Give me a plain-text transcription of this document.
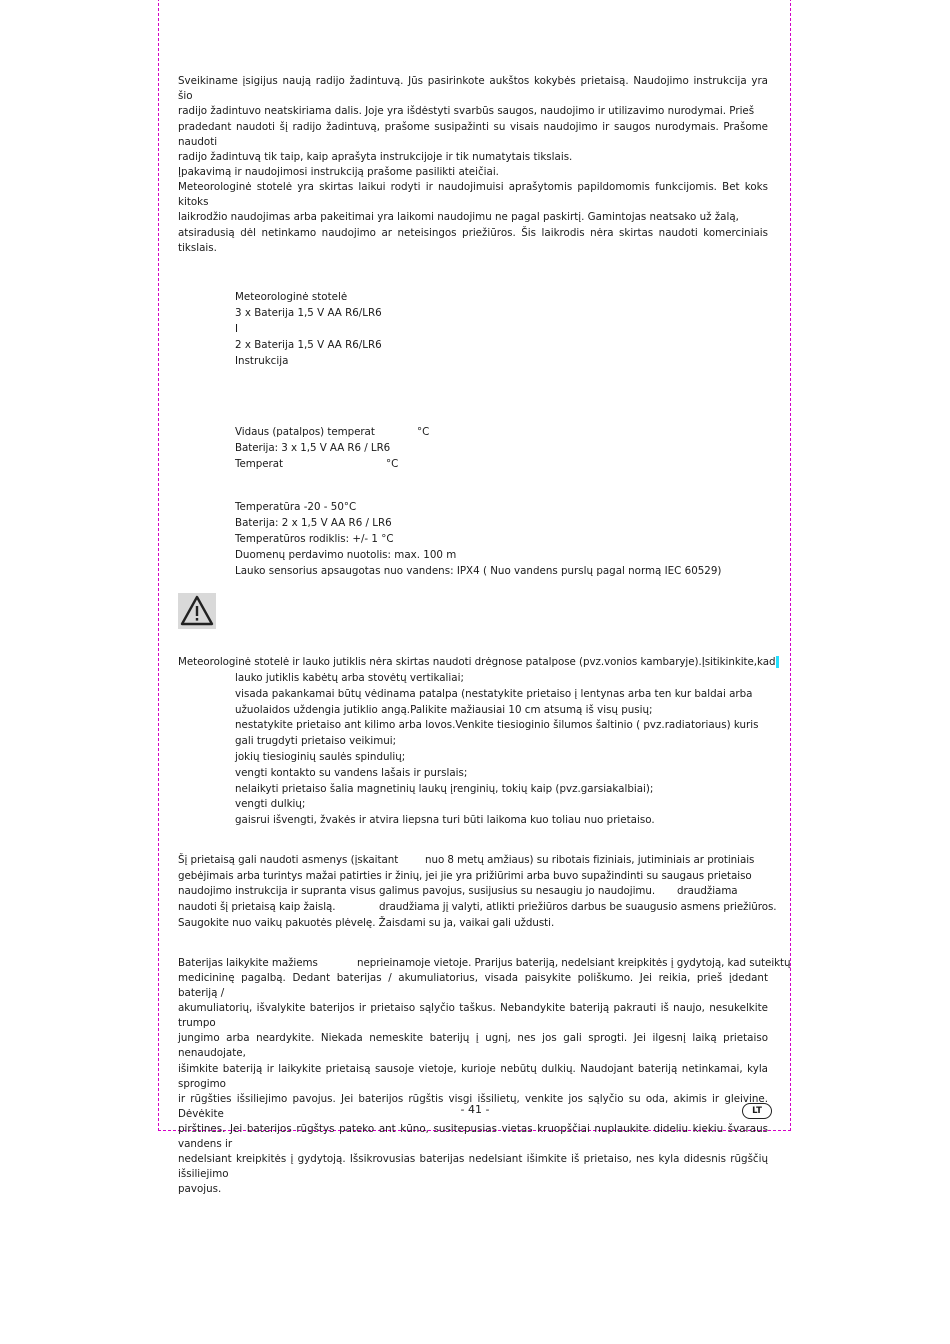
Sveikiname įsigijus naują radijo žadintuvą. Jūs pasirinkote aukštos kokybės prietaisą. Naudojimo instrukcija yra šio

radijo žadintuvo neatskiriama dalis. Joje yra išdėstyti svarbūs saugos, naudojimo ir utilizavimo nurodymai. Prieš

pradedant naudoti šį radijo žadintuvą, prašome susipažinti su visais naudojimo ir saugos nurodymais. Prašome naudoti

radijo žadintuvą tik taip, kaip aprašyta instrukcijoje ir tik numatytais tikslais.

Įpakavimą ir naudojimosi instrukciją prašome pasilikti ateičiai.

Meteorologinė stotelė yra skirtas laikui rodyti ir naudojimuisi aprašytomis papildomomis funkcijomis. Bet koks kitoks

laikrodžio naudojimas arba pakeitimai yra laikomi naudojimu ne pagal paskirtį. Gamintojas neatsako už žalą,

atsiradusią dėl netinkamo naudojimo ar neteisingos priežiūros. Šis laikrodis nėra skirtas naudoti komerciniais tikslais.

Meteorologinė stotelė
3 x Baterija 1,5 V AA R6/LR6
I
2 x Baterija 1,5 V AA R6/LR6
Instrukcija
Vidaus (patalpos) temperat	°C
Baterija: 3 x 1,5 V AA R6 / LR6
Temperat	°C
Temperatūra -20 - 50°C
Baterija: 2 x 1,5 V AA R6 / LR6
Temperatūros rodiklis: +/- 1 °C
Duomenų perdavimo nuotolis: max. 100 m
Lauko sensorius apsaugotas nuo vandens: IPX4 ( Nuo vandens purslų pagal normą IEC 60529)
Meteorologinė stotelė ir lauko jutiklis nėra skirtas naudoti drėgnose patalpose (pvz.vonios kambaryje).Įsitikinkite,kad
lauko jutiklis kabėtų arba stovėtų vertikaliai;
visada pakankamai būtų vėdinama patalpa (nestatykite prietaiso į lentynas arba ten kur baldai arba užuolaidos uždengia jutiklio angą.Palikite mažiausiai 10 cm atsumą iš visų pusių;
nestatykite prietaiso ant kilimo arba lovos.Venkite tiesioginio šilumos šaltinio ( pvz.radiatoriaus) kuris gali trugdyti prietaiso veikimui;
jokių tiesioginių saulės spindulių;
vengti kontakto su vandens lašais ir purslais;
nelaikyti prietaiso šalia magnetinių laukų įrenginių, tokių kaip (pvz.garsiakalbiai);
vengti dulkių;
gaisrui išvengti, žvakės ir atvira liepsna turi būti laikoma kuo toliau nuo prietaiso.
Šį prietaisą gali naudoti asmenys (įskaitant	nuo 8 metų amžiaus) su ribotais fiziniais, jutiminiais ar protiniais
gebėjimais arba turintys mažai patirties ir žinių, jei jie yra prižiūrimi arba buvo supažindinti su saugaus prietaiso
naudojimo instrukcija ir supranta visus galimus pavojus, susijusius su nesaugiu jo naudojimu. draudžiama
naudoti šį prietaisą kaip žaislą.	draudžiama jį valyti, atlikti priežiūros darbus be suaugusio asmens priežiūros.
Saugokite nuo vaikų pakuotės plėvelę. Žaisdami su ja, vaikai gali uždusti.
Baterijas laikykite mažiems	neprieinamoje vietoje. Prarijus bateriją, nedelsiant kreipkitės į gydytoją, kad suteiktų

medicininę pagalbą. Dedant baterijas / akumuliatorius, visada paisykite poliškumo. Jei reikia, prieš įdedant bateriją /

akumuliatorių, išvalykite baterijos ir prietaiso sąlyčio taškus. Nebandykite bateriją pakrauti iš naujo, nesukelkite trumpo

jungimo arba neardykite. Niekada nemeskite baterijų į ugnį, nes jos gali sprogti. Jei ilgesnį laiką prietaiso nenaudojate,

išimkite bateriją ir laikykite prietaisą sausoje vietoje, kurioje nebūtų dulkių. Naudojant bateriją netinkamai, kyla sprogimo

ir rūgšties išsiliejimo pavojus. Jei baterijos rūgštis visgi išsilietų, venkite jos sąlyčio su oda, akimis ir gleivine. Dėvėkite

pirštines. Jei baterijos rūgštys pateko ant kūno, susitepusias vietas kruopščiai nuplaukite dideliu kiekiu švaraus vandens ir

nedelsiant kreipkitės į gydytoją. Išsikrovusias baterijas nedelsiant išimkite iš prietaiso, nes kyla didesnis rūgščių išsiliejimo

pavojus.

- 41 -	LT
